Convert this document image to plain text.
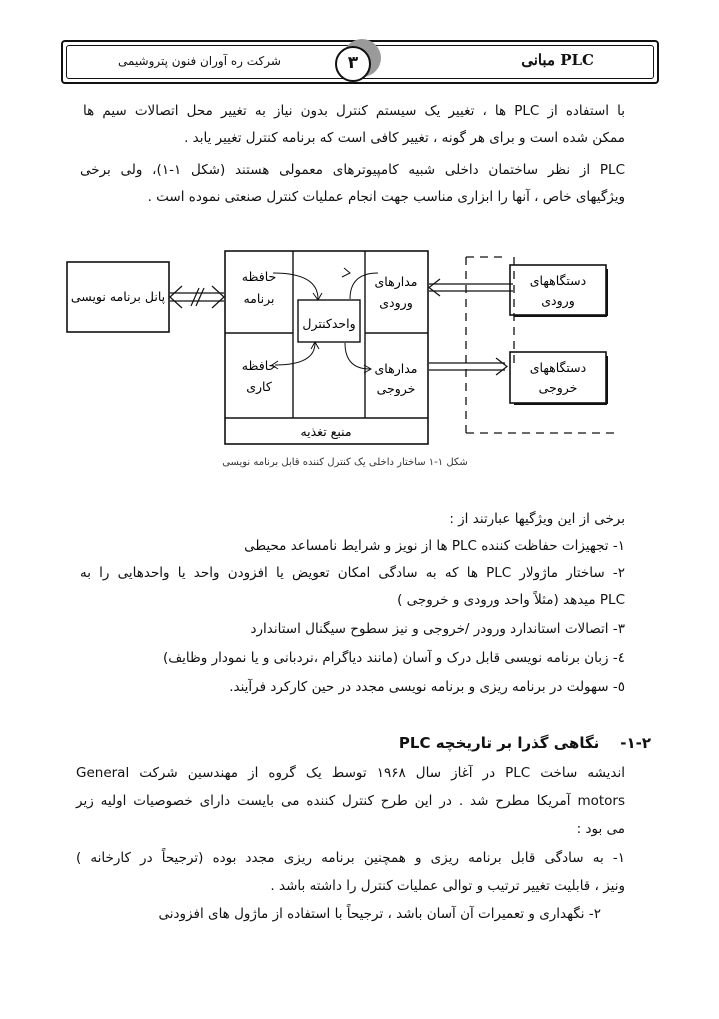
مبانی PLC
شرکت ره آوران فنون پتروشیمی	٣
با استفاده از PLC ها ، تغییر یک سیستم کنترل بدون نیاز به تغییر محل اتصالات سیم ها
ممکن شده است و برای هر گونه ، تغییر کافی است که برنامه کنترل تغییر یابد .
PLC از نظر ساختمان داخلی شبیه کامپیوترهای معمولی هستند (شکل ۱-۱)، ولی برخی
ویژگیهای خاص ، آنها را ابزاری مناسب جهت انجام عملیات کنترل صنعتی نموده است .
پانل برنامه نویسی
حافظه
برنامه
حافظه
کاری
واحدکنترل
مدارهای
ورودی
مدارهای
خروجی
منبع تغذیه
دستگاههای
ورودی
دستگاههای
خروجی
شکل ۱-۱ ساختار داخلی یک کنترل کننده قابل برنامه نویسی
برخی از این ویژگیها عبارتند از :
۱- تجهیزات حفاظت کننده PLC ها از نویز و شرایط نامساعد محیطی
۲- ساختار ماژولار PLC ها که به سادگی امکان تعویض یا افزودن واحد یا واحدهایی را به
PLC میدهد (مثلاً واحد ورودی و خروجی )
۳- اتصالات استاندارد ورودر /خروجی و نیز سطوح سیگنال استاندارد
٤- زبان برنامه نویسی قابل درک و آسان (مانند دیاگرام ،نردبانی و یا نمودار وظایف)
٥- سهولت در برنامه ریزی و برنامه نویسی مجدد در حین کارکرد فرآیند.
۱-۲-    نگاهی گذرا بر تاریخچه PLC
اندیشه ساخت PLC در آغاز سال ۱۹۶۸ توسط یک گروه از مهندسین شرکت General
motors آمریکا مطرح شد . در این طرح کنترل کننده می بایست دارای خصوصیات اولیه زیر
می بود :
۱- به سادگی قابل برنامه ریزی و همچنین برنامه ریزی مجدد بوده (ترجیحاً در کارخانه )
ونیز ، قابلیت تغییر ترتیب و توالی عملیات کنترل را داشته باشد .
۲- نگهداری و تعمیرات آن آسان باشد ، ترجیحاً با استفاده از ماژول های افزودنی
